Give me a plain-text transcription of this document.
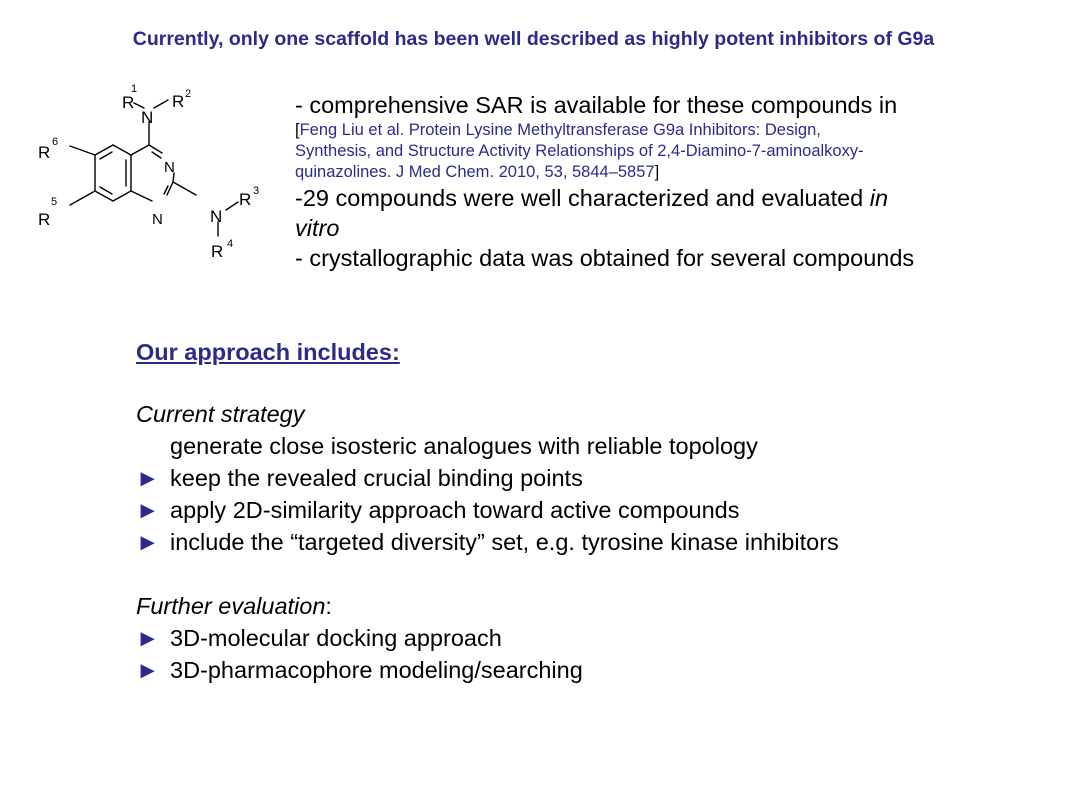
Currently, only one scaffold has been well described as highly potent inhibitors of G9a
R
1
N
R 2
R
6
R
5
N
N	N
R 3
R 4

- comprehensive SAR is available for these compounds in

[Feng Liu et al. Protein Lysine Methyltransferase G9a Inhibitors: Design,

Synthesis, and Structure Activity Relationships of 2,4-Diamino-7-aminoalkoxy-

quinazolines. J Med Chem. 2010, 53, 5844–5857]

-29 compounds were well characterized and evaluated in

vitro

- crystallographic data was obtained for several compounds

Our approach includes:
Current strategy
generate close isosteric analogues with reliable topology
► keep the revealed crucial binding points
► apply 2D-similarity approach toward active compounds
► include the “targeted diversity” set, e.g. tyrosine kinase inhibitors
Further evaluation:
► 3D-molecular docking approach
► 3D-pharmacophore modeling/searching
